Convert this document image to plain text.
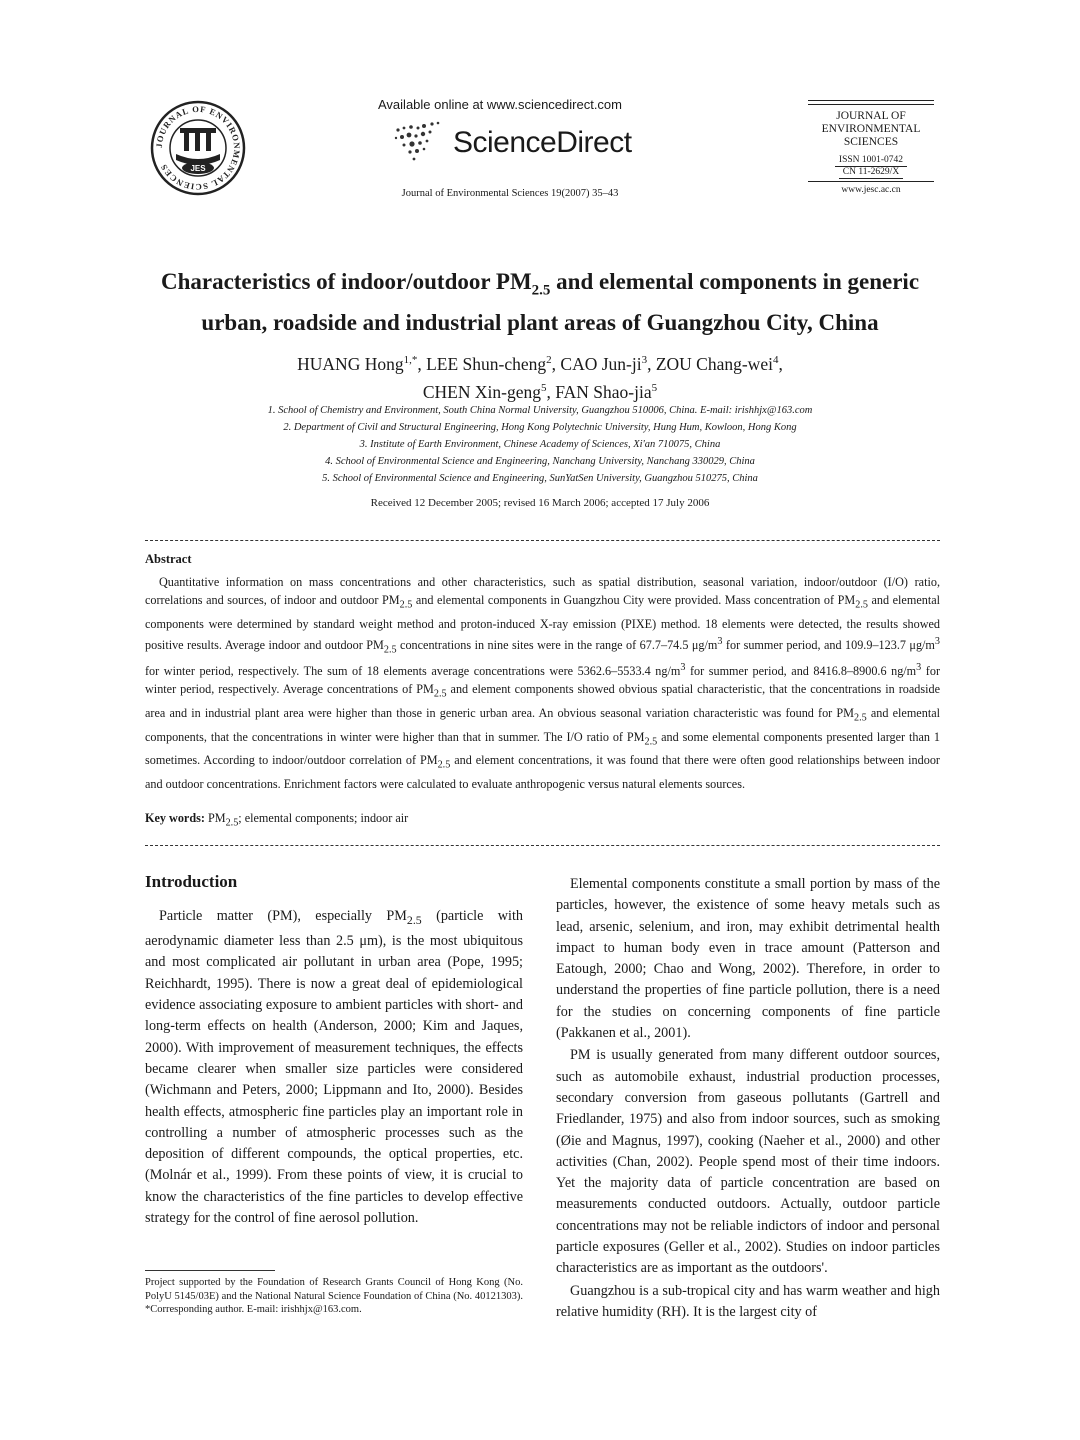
JOURNAL OF ENVIRONMENTAL SCIENCES	JES
Available online at www.sciencedirect.com
ScienceDirect
Journal of Environmental Sciences 19(2007) 35–43
JOURNAL OF
ENVIRONMENTAL
SCIENCES
ISSN 1001-0742
CN 11-2629/X
www.jesc.ac.cn
Characteristics of indoor/outdoor $PM_{2.5}$ and elemental components in generic
urban, roadside and industrial plant areas of Guangzhou City, China
HUANG Hong$^{1,*}$, LEE Shun-cheng$^2$, CAO Jun-$ji^3$, ZOU Chang-wei$^4$,
CHEN Xin-geng$^5$, FAN Shao-jia$^5$
1. School of Chemistry and Environment, South China Normal University, Guangzhou 510006, China. E-mail: irishhjx@163.com
2. Department of Civil and Structural Engineering, Hong Kong Polytechnic University, Hung Hum, Kowloon, Hong Kong
3. Institute of Earth Environment, Chinese Academy of Sciences, Xi'an 710075, China
4. School of Environmental Science and Engineering, Nanchang University, Nanchang 330029, China
5. School of Environmental Science and Engineering, SunYatSen University, Guangzhou 510275, China
Received 12 December 2005; revised 16 March 2006; accepted 17 July 2006
Abstract

Quantitative information on mass concentrations and other characteristics, such as spatial distribution, seasonal variation, indoor/outdoor (I/O) ratio, correlations and sources, of indoor and outdoor $PM_{2.5}$ and elemental components in Guangzhou City were provided. Mass concentration of $PM_{2.5}$ and elemental components were determined by standard weight method and proton-induced X-ray emission (PIXE) method. 18 elements were detected, the results showed positive results. Average indoor and outdoor $PM_{2.5}$ concentrations in nine sites were in the range of 67.7–74.5 $\mu g/m^3$ for summer period, and 109.9–123.7 $\mu g/m^3$ for winter period, respectively. The sum of 18 elements average concentrations were 5362.6–5533.4 $ng/m^3$ for summer period, and 8416.8–8900.6 $ng/m^3$ for winter period, respectively. Average concentrations of $PM_{2.5}$ and element components showed obvious spatial characteristic, that the concentrations in roadside area and in industrial plant area were higher than those in generic urban area. An obvious seasonal variation characteristic was found for $PM_{2.5}$ and elemental components, that the concentrations in winter were higher than that in summer. The I/O ratio of $PM_{2.5}$ and some elemental components presented larger than 1 sometimes. According to indoor/outdoor correlation of $PM_{2.5}$ and element concentrations, it was found that there were often good relationships between indoor and outdoor concentrations. Enrichment factors were calculated to evaluate anthropogenic versus natural elements sources.

Key words: $PM_{2.5}$; elemental components; indoor air
Introduction

Particle matter (PM), especially $PM_{2.5}$ (particle with aerodynamic diameter less than 2.5 μm), is the most ubiquitous and most complicated air pollutant in urban area (Pope, 1995; Reichhardt, 1995). There is now a great deal of epidemiological evidence associating exposure to ambient particles with short- and long-term effects on health (Anderson, 2000; Kim and Jaques, 2000). With improvement of measurement techniques, the effects became clearer when smaller size particles were considered (Wichmann and Peters, 2000; Lippmann and Ito, 2000). Besides health effects, atmospheric fine particles play an important role in controlling a number of atmospheric processes such as the deposition of different compounds, the optical properties, etc. (Molnár et al., 1999). From these points of view, it is crucial to know the characteristics of the fine particles to develop effective strategy for the control of fine aerosol pollution.

Elemental components constitute a small portion by mass of the particles, however, the existence of some heavy metals such as lead, arsenic, selenium, and iron, may exhibit detrimental health impact to human body even in trace amount (Patterson and Eatough, 2000; Chao and Wong, 2002). Therefore, in order to understand the properties of fine particle pollution, there is a need for the studies on concerning components of fine particle (Pakkanen et al., 2001).

PM is usually generated from many different outdoor sources, such as automobile exhaust, industrial production processes, secondary conversion from gaseous pollutants (Gartrell and Friedlander, 1975) and also from indoor sources, such as smoking (Øie and Magnus, 1997), cooking (Naeher et al., 2000) and other activities (Chan, 2002). People spend most of their time indoors. Yet the majority data of particle concentration are based on measurements conducted outdoors. Actually, outdoor particle concentrations may not be reliable indictors of indoor and personal particle exposures (Geller et al., 2002). Studies on indoor particles characteristics are as important as the outdoors'.

Guangzhou is a sub-tropical city and has warm weather and high relative humidity (RH). It is the largest city of

Project supported by the Foundation of Research Grants Council of Hong Kong (No. PolyU 5145/03E) and the National Natural Science Foundation of China (No. 40121303). *Corresponding author. E-mail: irishhjx@163.com.
